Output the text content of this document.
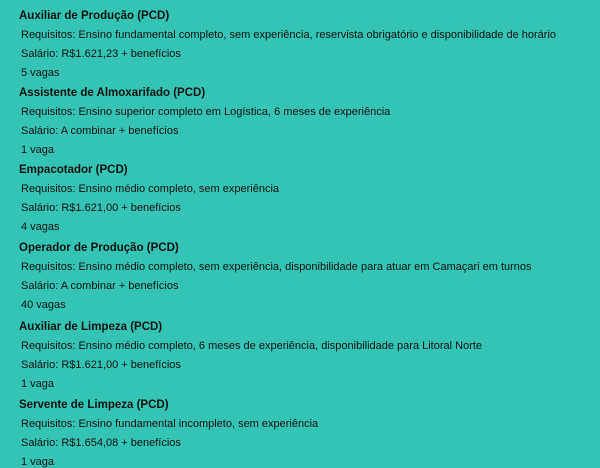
Auxiliar de Produção (PCD)
Requisitos: Ensino fundamental completo, sem experiência, reservista obrigatório e disponibilidade de horário
Salário: R$1.621,23 + benefícios
5 vagas
Assistente de Almoxarifado (PCD)
Requisitos: Ensino superior completo em Logística, 6 meses de experiência
Salário: A combinar + benefícios
1 vaga
Empacotador (PCD)
Requisitos: Ensino médio completo, sem experiência
Salário: R$1.621,00 + benefícios
4 vagas
Operador de Produção (PCD)
Requisitos: Ensino médio completo, sem experiência, disponibilidade para atuar em Camaçari em turnos
Salário: A combinar + benefícios
40 vagas
Auxiliar de Limpeza (PCD)
Requisitos: Ensino médio completo, 6 meses de experiência, disponibilidade para Litoral Norte
Salário: R$1.621,00 + benefícios
1 vaga
Servente de Limpeza (PCD)
Requisitos: Ensino fundamental incompleto, sem experiência
Salário: R$1.654,08 + benefícios
1 vaga
